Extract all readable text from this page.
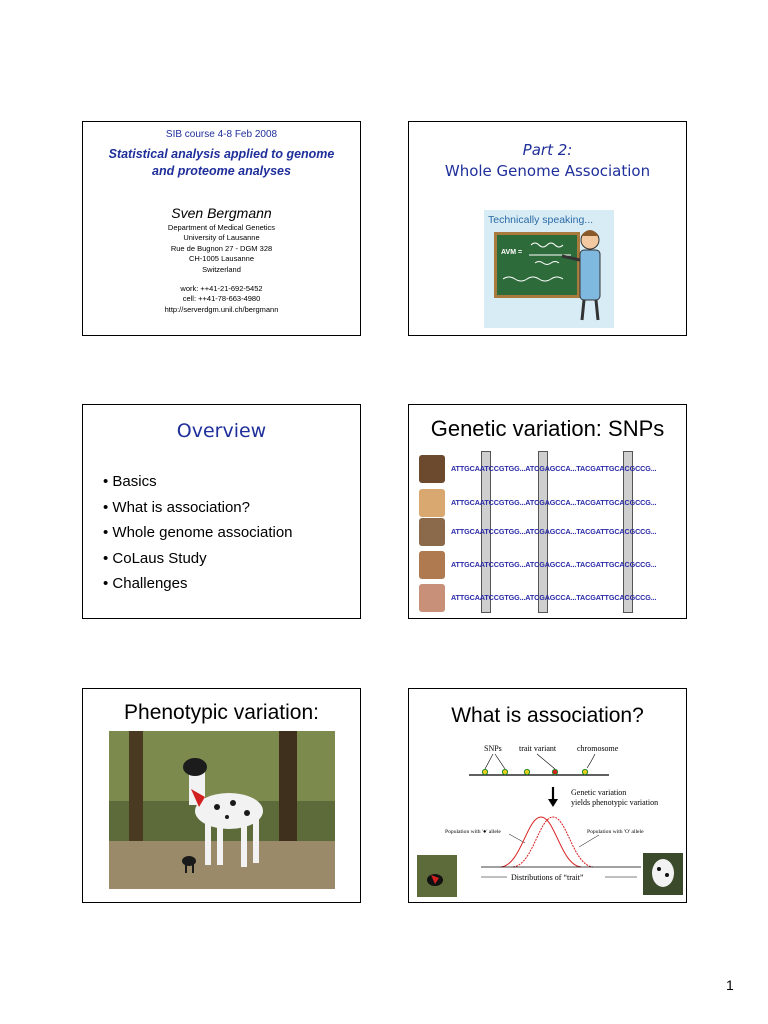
SIB course 4-8 Feb 2008
Statistical analysis applied to genome
and proteome analyses
Sven Bergmann
Department of Medical Genetics
University of Lausanne
Rue de Bugnon 27 - DGM 328
CH-1005 Lausanne
Switzerland
work: ++41-21-692-5452
cell: ++41-78-663-4980
http://serverdgm.unil.ch/bergmann
Part 2:
Whole Genome Association
Technically speaking...
AVM =
Overview
• Basics
• What is association?
• Whole genome association
• CoLaus Study
• Challenges
Genetic variation: SNPs
ATTGCAATCCGTGG...ATCGAGCCA...TACGATTGCACGCCG...
ATTGCAATCCGTGG...ATCGAGCCA...TACGATTGCACGCCG...
ATTGCAATCCGTGG...ATCGAGCCA...TACGATTGCACGCCG...
ATTGCAATCCGTGG...ATCGAGCCA...TACGATTGCACGCCG...
ATTGCAATCCGTGG...ATCGAGCCA...TACGATTGCACGCCG...
Phenotypic variation:	What is association?
SNPs trait variant	chromosome
Genetic variation
yields phenotypic variation
Population with '●' allele	Population with 'O' allele
Distributions of “trait”
1
